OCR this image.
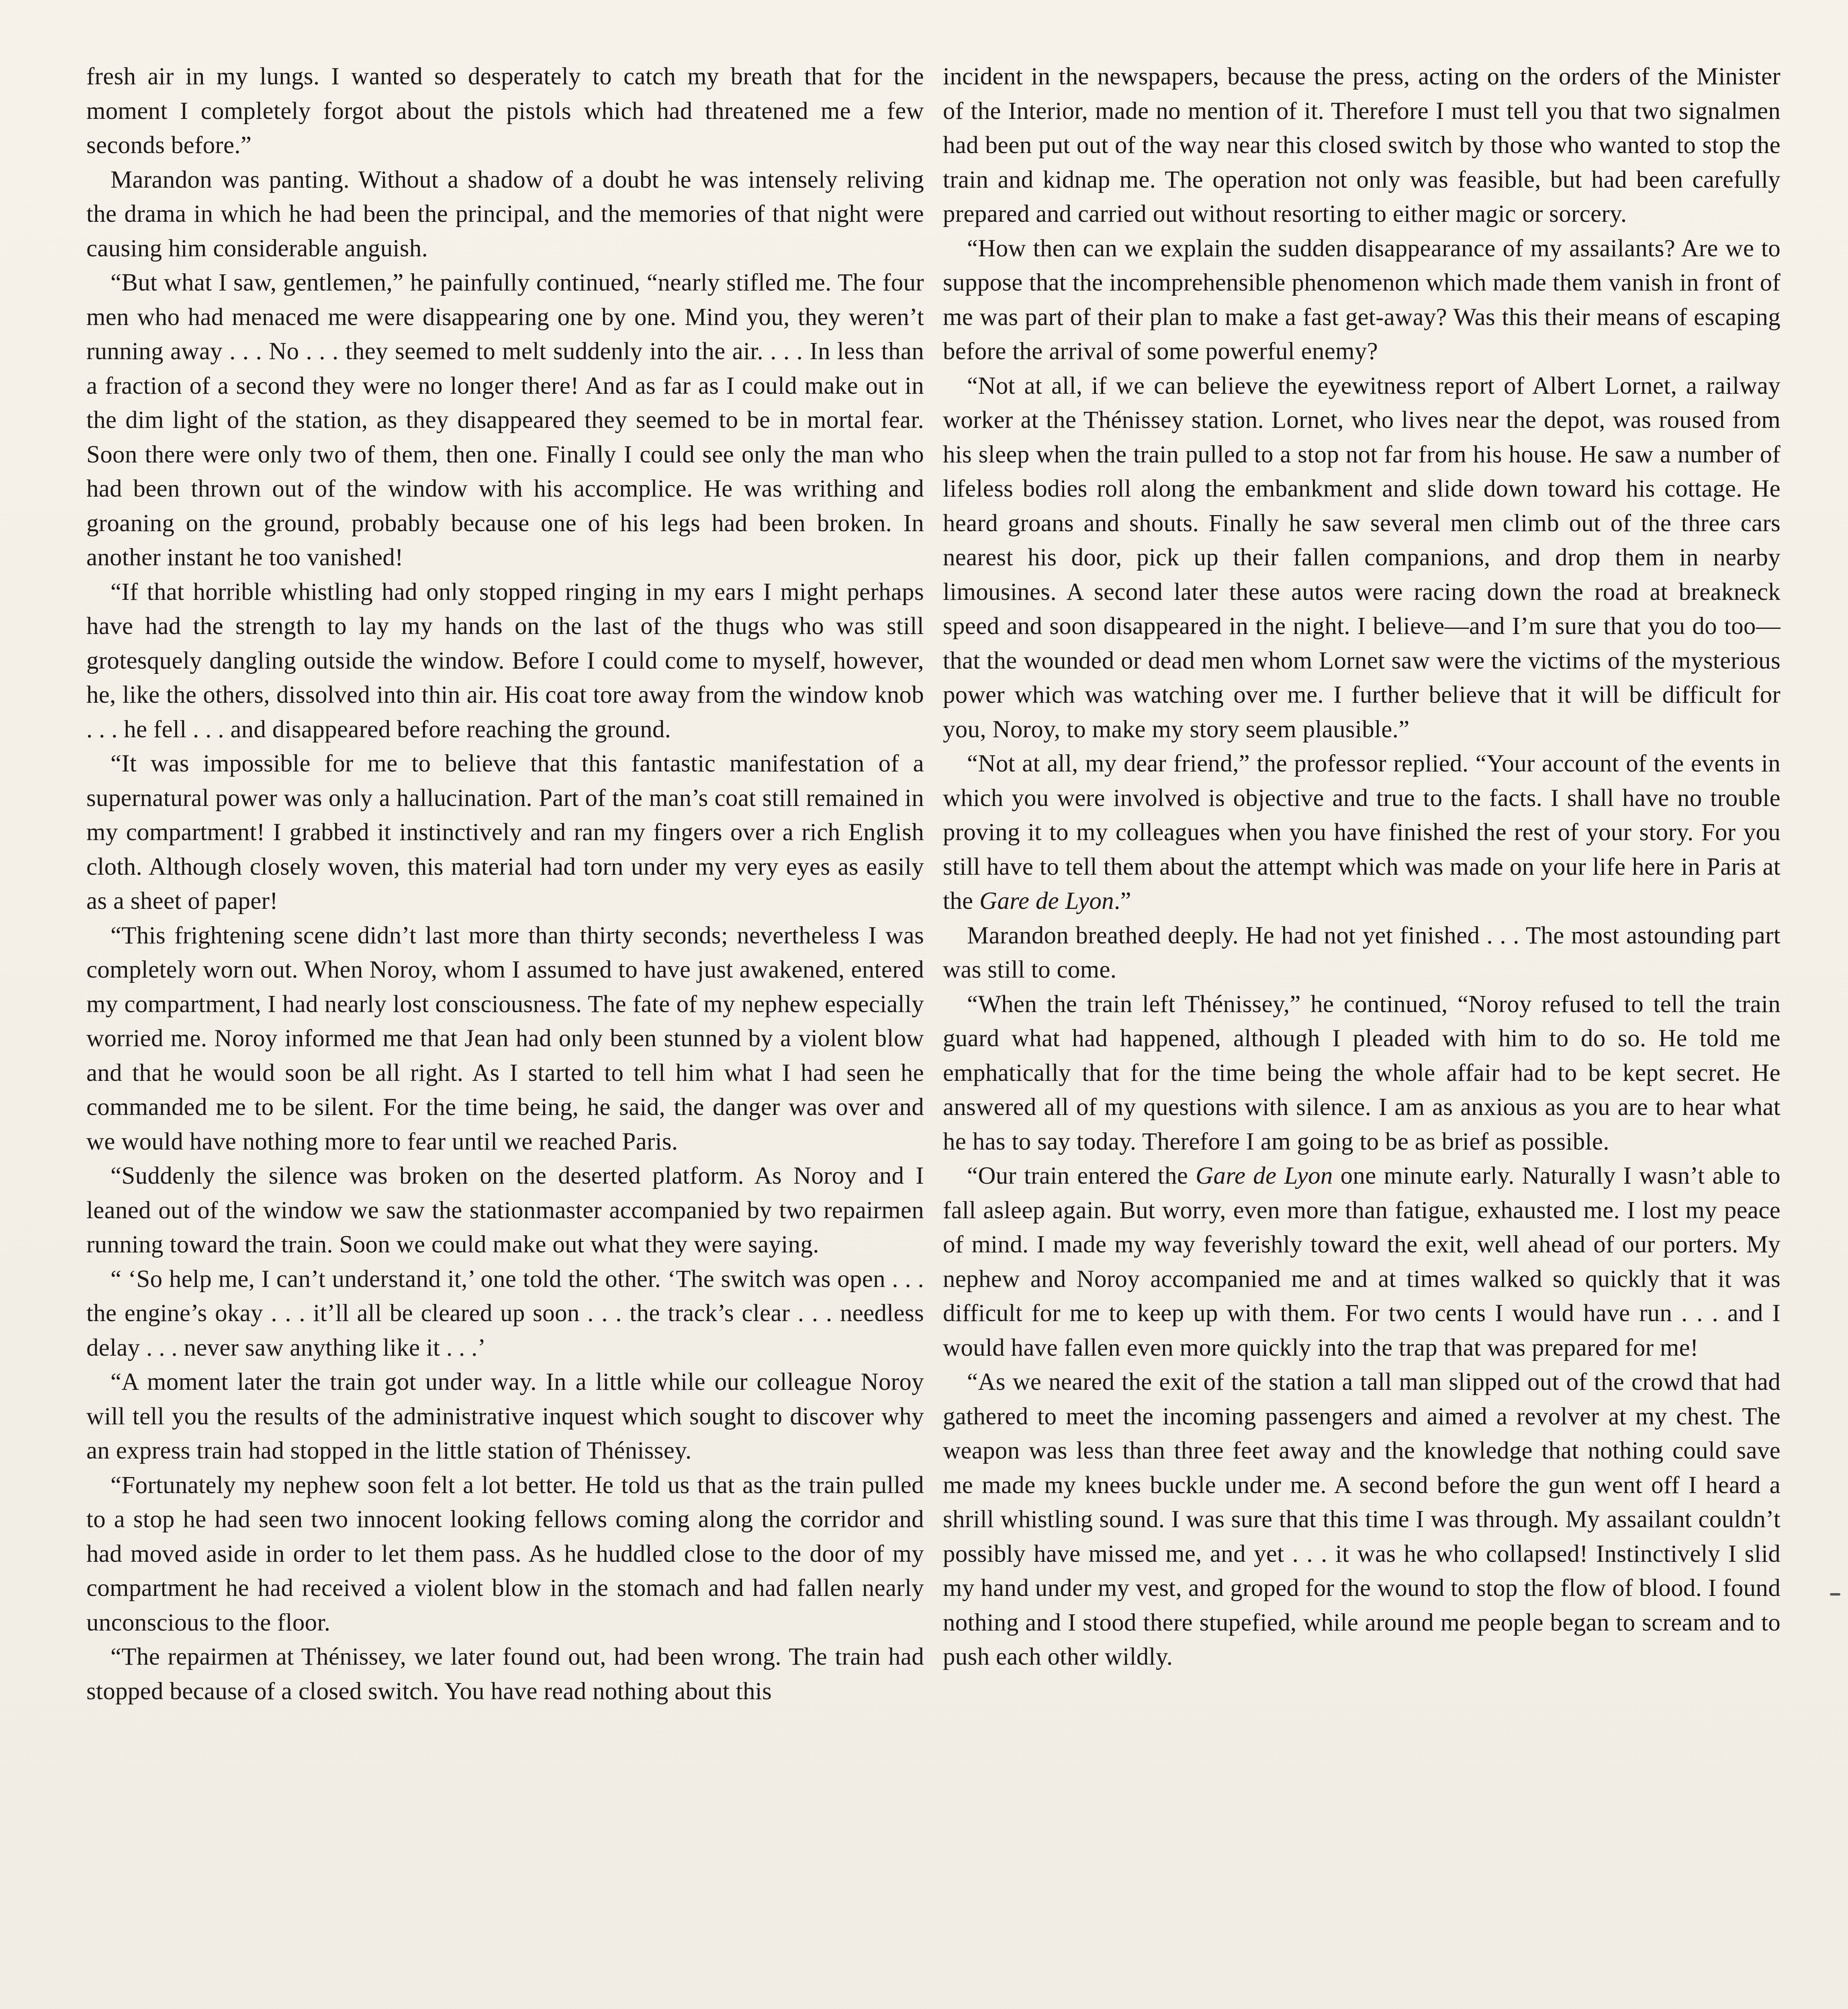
fresh air in my lungs. I wanted so desperately to catch my breath that for the moment I completely forgot about the pistols which had threatened me a few seconds before.”

Marandon was panting. Without a shadow of a doubt he was intensely reliving the drama in which he had been the principal, and the memories of that night were causing him considerable anguish.

“But what I saw, gentlemen,” he painfully continued, “nearly stifled me. The four men who had menaced me were disappearing one by one. Mind you, they weren’t running away . . . No . . . they seemed to melt suddenly into the air. . . . In less than a fraction of a second they were no longer there! And as far as I could make out in the dim light of the station, as they disappeared they seemed to be in mortal fear. Soon there were only two of them, then one. Finally I could see only the man who had been thrown out of the window with his accomplice. He was writhing and groaning on the ground, probably because one of his legs had been broken. In another instant he too vanished!

“If that horrible whistling had only stopped ringing in my ears I might perhaps have had the strength to lay my hands on the last of the thugs who was still grotesquely dangling outside the window. Before I could come to myself, however, he, like the others, dissolved into thin air. His coat tore away from the window knob . . . he fell . . . and disappeared before reaching the ground.

“It was impossible for me to believe that this fantastic manifestation of a supernatural power was only a hallucination. Part of the man’s coat still remained in my compartment! I grabbed it instinctively and ran my fingers over a rich English cloth. Although closely woven, this material had torn under my very eyes as easily as a sheet of paper!

“This frightening scene didn’t last more than thirty seconds; nevertheless I was completely worn out. When Noroy, whom I assumed to have just awakened, entered my compartment, I had nearly lost consciousness. The fate of my nephew especially worried me. Noroy informed me that Jean had only been stunned by a violent blow and that he would soon be all right. As I started to tell him what I had seen he commanded me to be silent. For the time being, he said, the danger was over and we would have nothing more to fear until we reached Paris.

“Suddenly the silence was broken on the deserted platform. As Noroy and I leaned out of the window we saw the stationmaster accompanied by two repairmen running toward the train. Soon we could make out what they were saying.

“ ‘So help me, I can’t understand it,’ one told the other. ‘The switch was open . . . the engine’s okay . . . it’ll all be cleared up soon . . . the track’s clear . . . needless delay . . . never saw anything like it . . .’

“A moment later the train got under way. In a little while our colleague Noroy will tell you the results of the administrative inquest which sought to discover why an express train had stopped in the little station of Thénissey.

“Fortunately my nephew soon felt a lot better. He told us that as the train pulled to a stop he had seen two innocent looking fellows coming along the corridor and had moved aside in order to let them pass. As he huddled close to the door of my compartment he had received a violent blow in the stomach and had fallen nearly unconscious to the floor.

“The repairmen at Thénissey, we later found out, had been wrong. The train had stopped because of a closed switch. You have read nothing about this

incident in the newspapers, because the press, acting on the orders of the Minister of the Interior, made no mention of it. Therefore I must tell you that two signalmen had been put out of the way near this closed switch by those who wanted to stop the train and kidnap me. The operation not only was feasible, but had been carefully prepared and carried out without resorting to either magic or sorcery.

“How then can we explain the sudden disappearance of my assailants? Are we to suppose that the incomprehensible phenomenon which made them vanish in front of me was part of their plan to make a fast get-away? Was this their means of escaping before the arrival of some powerful enemy?

“Not at all, if we can believe the eyewitness report of Albert Lornet, a railway worker at the Thénissey station. Lornet, who lives near the depot, was roused from his sleep when the train pulled to a stop not far from his house. He saw a number of lifeless bodies roll along the embankment and slide down toward his cottage. He heard groans and shouts. Finally he saw several men climb out of the three cars nearest his door, pick up their fallen companions, and drop them in nearby limousines. A second later these autos were racing down the road at breakneck speed and soon disappeared in the night. I believe—and I’m sure that you do too—that the wounded or dead men whom Lornet saw were the victims of the mysterious power which was watching over me. I further believe that it will be difficult for you, Noroy, to make my story seem plausible.”

“Not at all, my dear friend,” the professor replied. “Your account of the events in which you were involved is objective and true to the facts. I shall have no trouble proving it to my colleagues when you have finished the rest of your story. For you still have to tell them about the attempt which was made on your life here in Paris at the Gare de Lyon.”

Marandon breathed deeply. He had not yet finished . . . The most astounding part was still to come.

“When the train left Thénissey,” he continued, “Noroy refused to tell the train guard what had happened, although I pleaded with him to do so. He told me emphatically that for the time being the whole affair had to be kept secret. He answered all of my questions with silence. I am as anxious as you are to hear what he has to say today. Therefore I am going to be as brief as possible.

“Our train entered the Gare de Lyon one minute early. Naturally I wasn’t able to fall asleep again. But worry, even more than fatigue, exhausted me. I lost my peace of mind. I made my way feverishly toward the exit, well ahead of our porters. My nephew and Noroy accompanied me and at times walked so quickly that it was difficult for me to keep up with them. For two cents I would have run . . . and I would have fallen even more quickly into the trap that was prepared for me!

“As we neared the exit of the station a tall man slipped out of the crowd that had gathered to meet the incoming passengers and aimed a revolver at my chest. The weapon was less than three feet away and the knowledge that nothing could save me made my knees buckle under me. A second before the gun went off I heard a shrill whistling sound. I was sure that this time I was through. My assailant couldn’t possibly have missed me, and yet . . . it was he who collapsed! Instinctively I slid my hand under my vest, and groped for the wound to stop the flow of blood. I found nothing and I stood there stupefied, while around me people began to scream and to push each other wildly.
